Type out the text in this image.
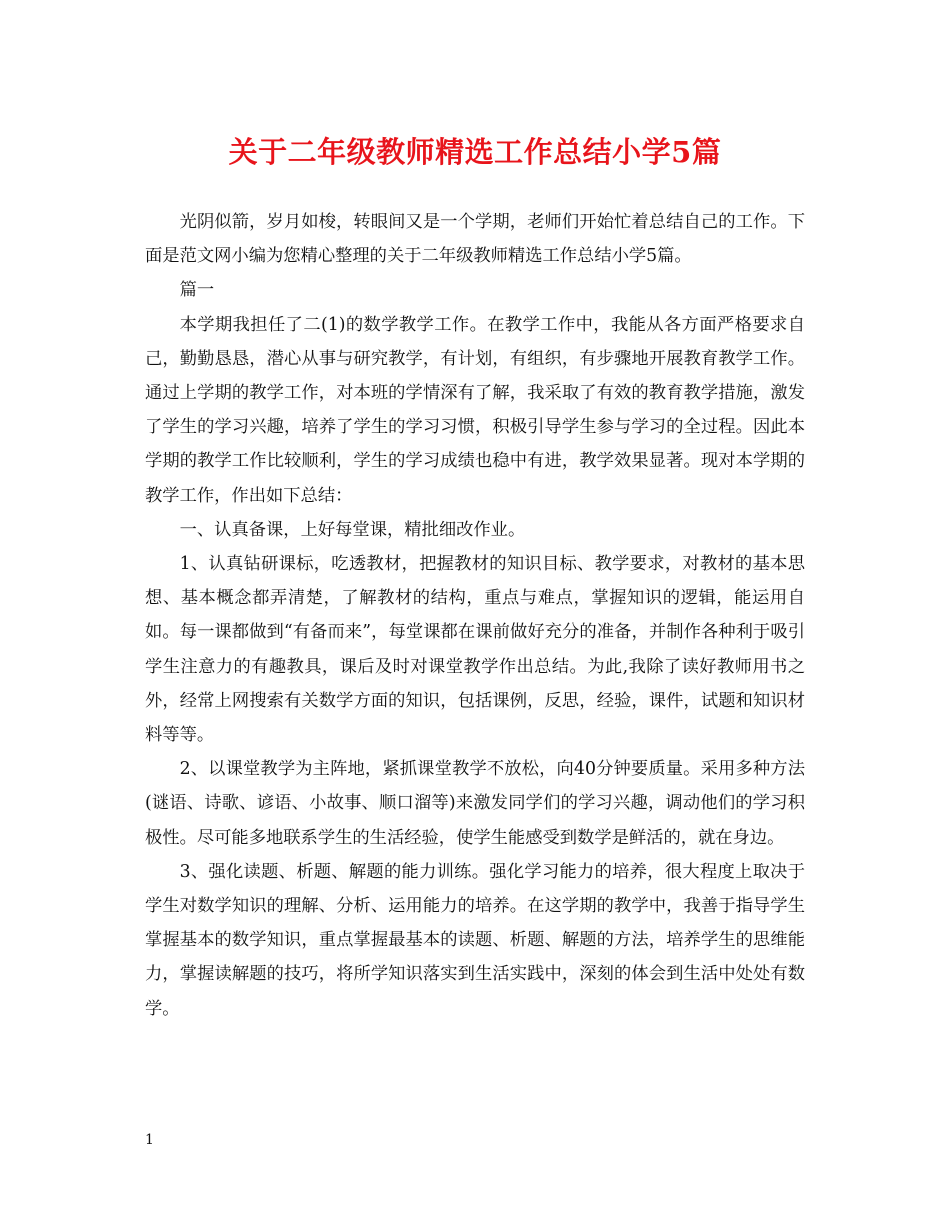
关于二年级教师精选工作总结小学5篇

光阴似箭，岁月如梭，转眼间又是一个学期，老师们开始忙着总结自己的工作。下面是范文网小编为您精心整理的关于二年级教师精选工作总结小学5篇。

篇一

本学期我担任了二(1)的数学教学工作。在教学工作中，我能从各方面严格要求自己，勤勤恳恳，潜心从事与研究教学，有计划，有组织，有步骤地开展教育教学工作。 通过上学期的教学工作，对本班的学情深有了解，我采取了有效的教育教学措施，激发了学生的学习兴趣，培养了学生的学习习惯，积极引导学生参与学习的全过程。因此本学期的教学工作比较顺利，学生的学习成绩也稳中有进，教学效果显著。现对本学期的教学工作，作出如下总结：

一、认真备课，上好每堂课，精批细改作业。

1、认真钻研课标，吃透教材，把握教材的知识目标、教学要求，对教材的基本思想、基本概念都弄清楚，了解教材的结构，重点与难点，掌握知识的逻辑，能运用自如。每一课都做到“有备而来”，每堂课都在课前做好充分的准备，并制作各种利于吸引学生注意力的有趣教具，课后及时对课堂教学作出总结。为此,我除了读好教师用书之外，经常上网搜索有关数学方面的知识，包括课例，反思，经验，课件，试题和知识材料等等。

2、以课堂教学为主阵地，紧抓课堂教学不放松，向40分钟要质量。采用多种方法(谜语、诗歌、谚语、小故事、顺口溜等)来激发同学们的学习兴趣，调动他们的学习积极性。尽可能多地联系学生的生活经验，使学生能感受到数学是鲜活的，就在身边。

3、强化读题、析题、解题的能力训练。强化学习能力的培养，很大程度上取决于学生对数学知识的理解、分析、运用能力的培养。在这学期的教学中，我善于指导学生掌握基本的数学知识，重点掌握最基本的读题、析题、解题的方法，培养学生的思维能力，掌握读解题的技巧，将所学知识落实到生活实践中，深刻的体会到生活中处处有数学。

1
